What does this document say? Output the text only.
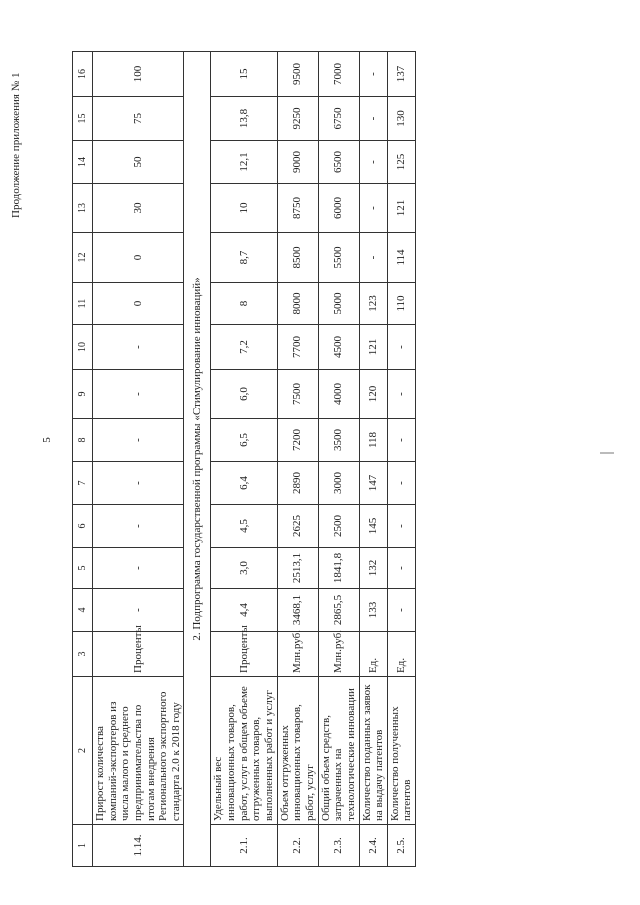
5
Продолжение приложения № 1
1	2	3	4	5	6	7	8	9	10	11	12	13	14	15	16
1.14.	Прирост количества компаний-экспортеров из числа малого и среднего предпринимательства по итогам внедрения Регионального экспортного стандарта 2.0 к 2018 году	Проценты	-	-	-	-	-	-	-	0	0	30	50	75	100
2. Подпрограмма государственной программы «Стимулирование инноваций»															
2.1.	Удельный вес инновационных товаров, работ, услуг в общем объеме отгруженных товаров, выполненных работ и услуг	Проценты	4,4	3,0	4,5	6,4	6,5	6,0	7,2	8	8,7	10	12,1	13,8	15
2.2.	Объем отгруженных инновационных товаров, работ, услуг	Млн.руб.	3468,1	2513,1	2625	2890	7200	7500	7700	8000	8500	8750	9000	9250	9500
2.3.	Общий объем средств, затраченных на технологические инновации	Млн.руб.	2865,5	1841,8	2500	3000	3500	4000	4500	5000	5500	6000	6500	6750	7000
2.4.	Количество поданных заявок на выдачу патентов	Ед.	133	132	145	147	118	120	121	123	-	-	-	-	-
2.5.	Количество полученных патентов	Ед.	-	-	-	-	-	-	-	110	114	121	125	130	137
